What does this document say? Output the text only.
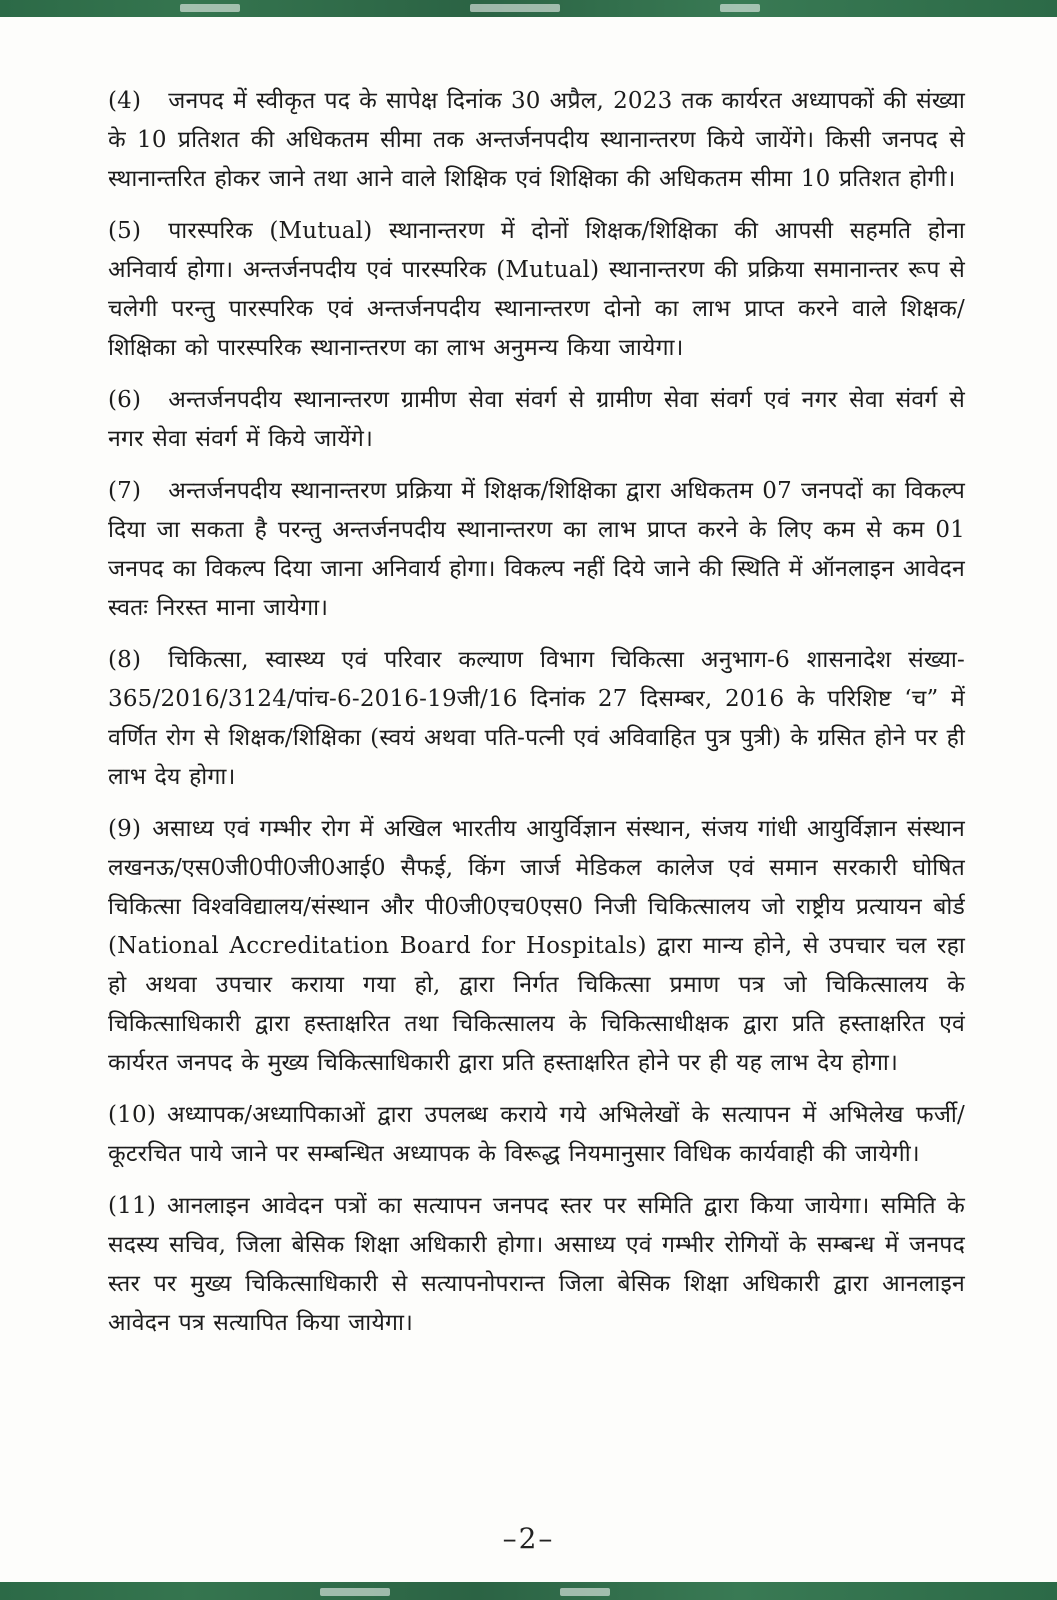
(4) जनपद में स्वीकृत पद के सापेक्ष दिनांक 30 अप्रैल, 2023 तक कार्यरत अध्यापकों की संख्या के 10 प्रतिशत की अधिकतम सीमा तक अन्तर्जनपदीय स्थानान्तरण किये जायेंगे। किसी जनपद से स्थानान्तरित होकर जाने तथा आने वाले शिक्षिक एवं शिक्षिका की अधिकतम सीमा 10 प्रतिशत होगी।

(5) पारस्परिक (Mutual) स्थानान्तरण में दोनों शिक्षक/शिक्षिका की आपसी सहमति होना अनिवार्य होगा। अन्तर्जनपदीय एवं पारस्परिक (Mutual) स्थानान्तरण की प्रक्रिया समानान्तर रूप से चलेगी परन्तु पारस्परिक एवं अन्तर्जनपदीय स्थानान्तरण दोनो का लाभ प्राप्त करने वाले शिक्षक/शिक्षिका को पारस्परिक स्थानान्तरण का लाभ अनुमन्य किया जायेगा।

(6) अन्तर्जनपदीय स्थानान्तरण ग्रामीण सेवा संवर्ग से ग्रामीण सेवा संवर्ग एवं नगर सेवा संवर्ग से नगर सेवा संवर्ग में किये जायेंगे।

(7) अन्तर्जनपदीय स्थानान्तरण प्रक्रिया में शिक्षक/शिक्षिका द्वारा अधिकतम 07 जनपदों का विकल्प दिया जा सकता है परन्तु अन्तर्जनपदीय स्थानान्तरण का लाभ प्राप्त करने के लिए कम से कम 01 जनपद का विकल्प दिया जाना अनिवार्य होगा। विकल्प नहीं दिये जाने की स्थिति में ऑनलाइन आवेदन स्वतः निरस्त माना जायेगा।

(8) चिकित्सा, स्वास्थ्य एवं परिवार कल्याण विभाग चिकित्सा अनुभाग-6 शासनादेश संख्या- 365/2016/3124/पांच-6-2016-19जी/16 दिनांक 27 दिसम्बर, 2016 के परिशिष्ट ‘च” में वर्णित रोग से शिक्षक/शिक्षिका (स्वयं अथवा पति-पत्नी एवं अविवाहित पुत्र पुत्री) के ग्रसित होने पर ही लाभ देय होगा।

(9) असाध्य एवं गम्भीर रोग में अखिल भारतीय आयुर्विज्ञान संस्थान, संजय गांधी आयुर्विज्ञान संस्थान लखनऊ/एस0जी0पी0जी0आई0 सैफई, किंग जार्ज मेडिकल कालेज एवं समान सरकारी घोषित चिकित्सा विश्वविद्यालय/संस्थान और पी0जी0एच0एस0 निजी चिकित्सालय जो राष्ट्रीय प्रत्यायन बोर्ड (National Accreditation Board for Hospitals) द्वारा मान्य होने, से उपचार चल रहा हो अथवा उपचार कराया गया हो, द्वारा निर्गत चिकित्सा प्रमाण पत्र जो चिकित्सालय के चिकित्साधिकारी द्वारा हस्ताक्षरित तथा चिकित्सालय के चिकित्साधीक्षक द्वारा प्रति हस्ताक्षरित एवं कार्यरत जनपद के मुख्य चिकित्साधिकारी द्वारा प्रति हस्ताक्षरित होने पर ही यह लाभ देय होगा।

(10) अध्यापक/अध्यापिकाओं द्वारा उपलब्ध कराये गये अभिलेखों के सत्यापन में अभिलेख फर्जी/कूटरचित पाये जाने पर सम्बन्धित अध्यापक के विरूद्ध नियमानुसार विधिक कार्यवाही की जायेगी।

(11) आनलाइन आवेदन पत्रों का सत्यापन जनपद स्तर पर समिति द्वारा किया जायेगा। समिति के सदस्य सचिव, जिला बेसिक शिक्षा अधिकारी होगा। असाध्य एवं गम्भीर रोगियों के सम्बन्ध में जनपद स्तर पर मुख्य चिकित्साधिकारी से सत्यापनोपरान्त जिला बेसिक शिक्षा अधिकारी द्वारा आनलाइन आवेदन पत्र सत्यापित किया जायेगा।

–2–
